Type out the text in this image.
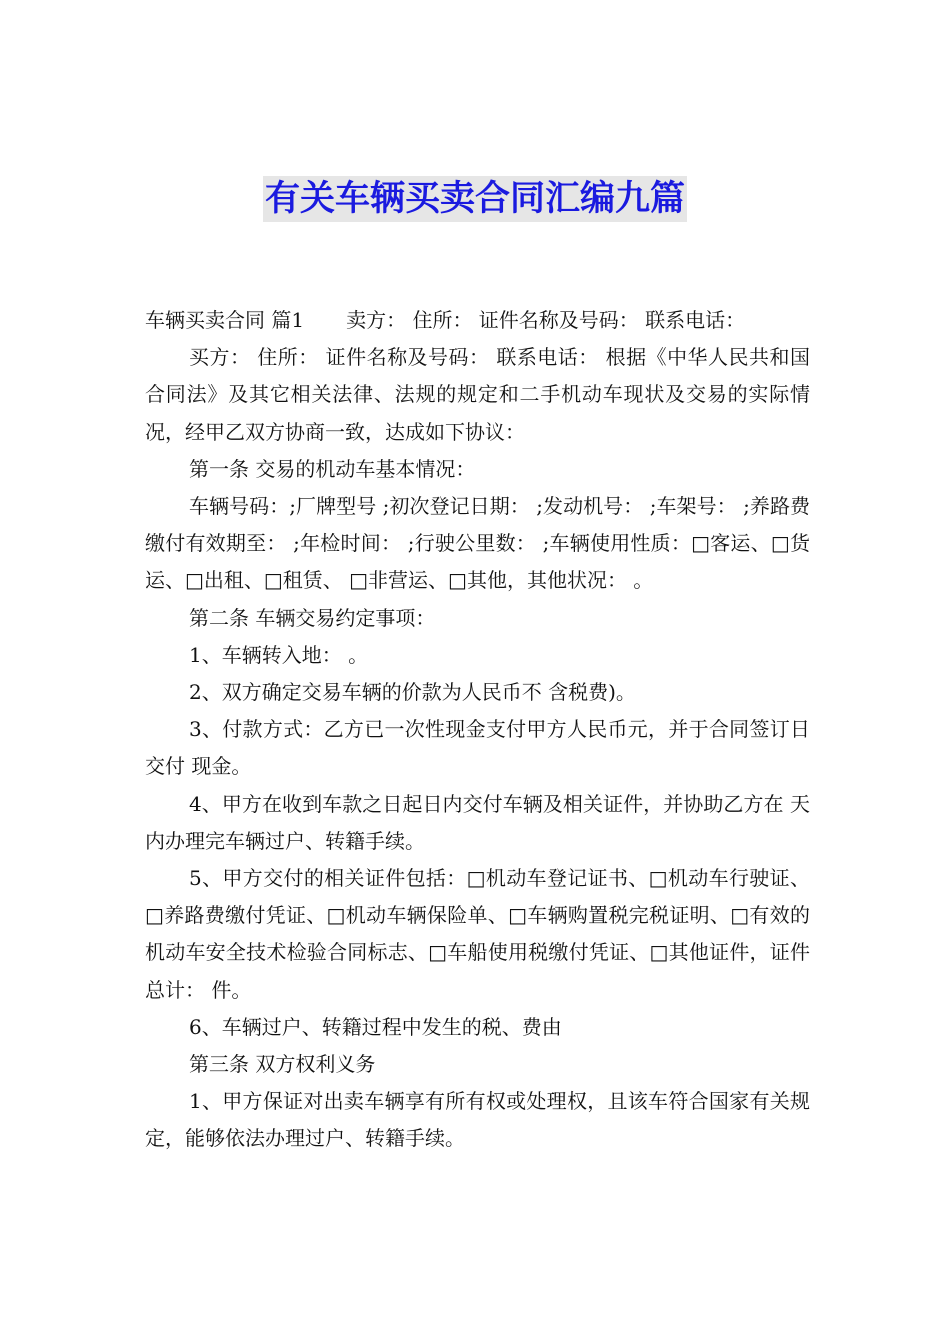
有关车辆买卖合同汇编九篇

车辆买卖合同 篇1 卖方： 住所： 证件名称及号码： 联系电话：

买方： 住所： 证件名称及号码： 联系电话： 根据《中华人民共和国合同法》及其它相关法律、法规的规定和二手机动车现状及交易的实际情况，经甲乙双方协商一致，达成如下协议：

第一条 交易的机动车基本情况：

车辆号码：;厂牌型号 ;初次登记日期： ;发动机号： ;车架号： ;养路费缴付有效期至： ;年检时间： ;行驶公里数： ;车辆使用性质：□客运、□货运、□出租、□租赁、 □非营运、□其他，其他状况： 。

第二条 车辆交易约定事项：

1、车辆转入地： 。

2、双方确定交易车辆的价款为人民币不 含税费)。

3、付款方式：乙方已一次性现金支付甲方人民币元，并于合同签订日交付 现金。

4、甲方在收到车款之日起日内交付车辆及相关证件，并协助乙方在 天内办理完车辆过户、转籍手续。

5、甲方交付的相关证件包括：□机动车登记证书、□机动车行驶证、□养路费缴付凭证、□机动车辆保险单、□车辆购置税完税证明、□有效的机动车安全技术检验合同标志、□车船使用税缴付凭证、□其他证件，证件总计： 件。

6、车辆过户、转籍过程中发生的税、费由

第三条 双方权利义务

1、甲方保证对出卖车辆享有所有权或处理权，且该车符合国家有关规定，能够依法办理过户、转籍手续。
